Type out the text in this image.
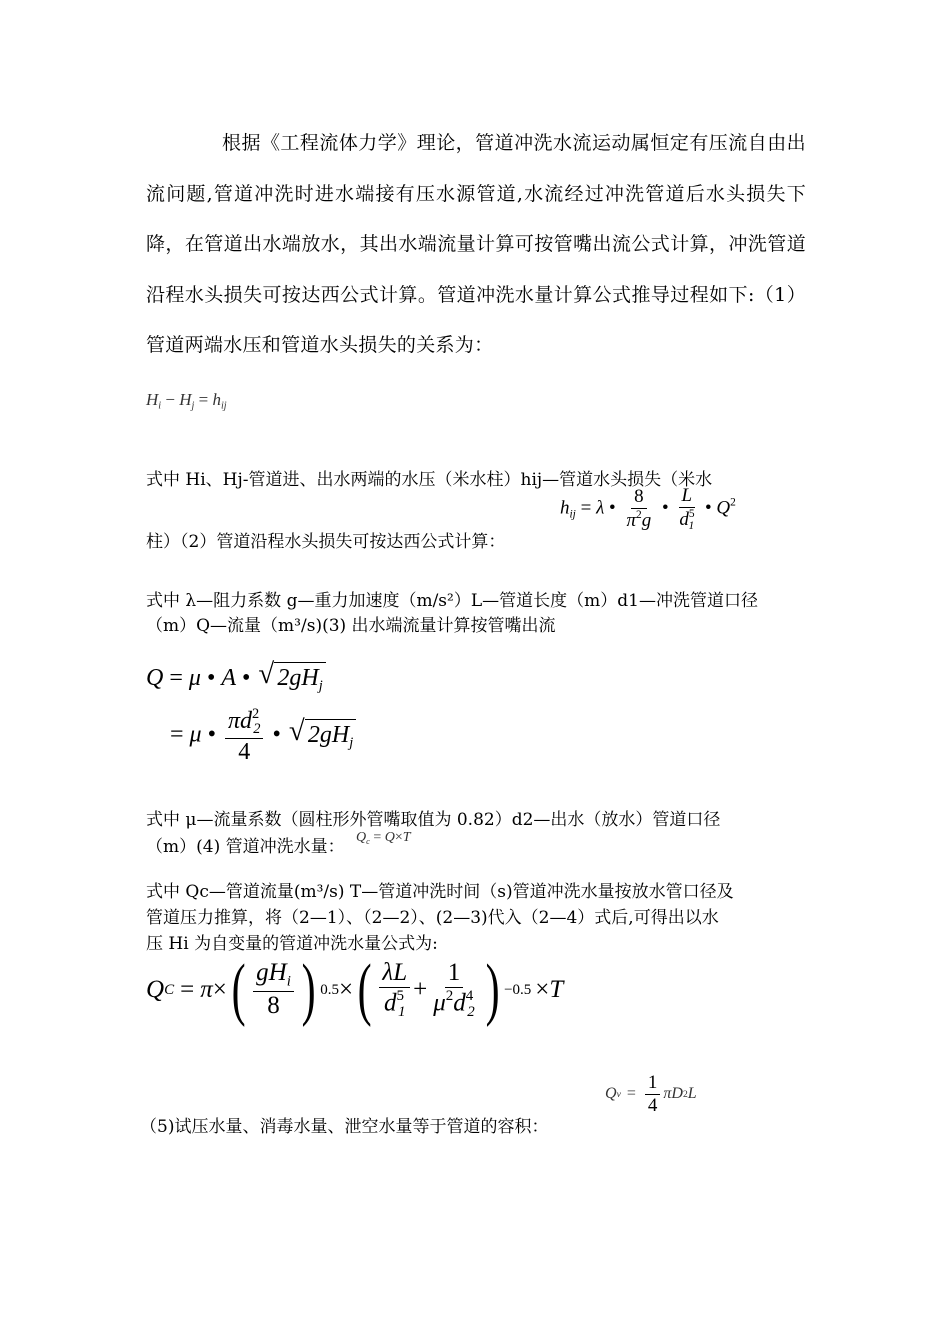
根据《工程流体力学》理论，管道冲洗水流运动属恒定有压流自由出流问题,管道冲洗时进水端接有压水源管道,水流经过冲洗管道后水头损失下降，在管道出水端放水，其出水端流量计算可按管嘴出流公式计算，冲洗管道沿程水头损失可按达西公式计算。管道冲洗水量计算公式推导过程如下:（1）管道两端水压和管道水头损失的关系为：

$H_i - H_j = h_{ij}$
式中 Hi、Hj-管道进、出水两端的水压（米水柱）hij—管道水头损失（米水
$h_{ij} = \lambda$ • $\frac{8}{\pi^2g}$ • $\frac{L}{d^5_1}$ • $Q^2$
柱）（2）管道沿程水头损失可按达西公式计算：
式中 λ—阻力系数 g—重力加速度（m/s²）L—管道长度（m）d1—冲洗管道口径
（m）Q—流量（m³/s)(3) 出水端流量计算按管嘴出流
Q = μ • A • √ $2gH_j$
= μ • $\frac{\pi d^2_2}{4}$ • √ $2gH_j$
式中 μ—流量系数（圆柱形外管嘴取值为 0.82）d2—出水（放水）管道口径
（m）(4) 管道冲洗水量： $Q_c = Q\times T$
式中 Qc—管道流量(m³/s) T—管道冲洗时间（s)管道冲洗水量按放水管口径及
管道压力推算，将（2—1）、（2—2）、(2—3)代入（2—4）式后,可得出以水
压 Hi 为自变量的管道冲洗水量公式为:
Q C = π × ( $\frac{gH_i}{8}$ ) 0.5 × ( $\frac{\lambda L}{d^5_1} + \frac{1}{\mu^2d^4_2}$ ) −0.5 × T
Q $v = \frac{1}{4}$ π D 2 L
（5)试压水量、消毒水量、泄空水量等于管道的容积：
